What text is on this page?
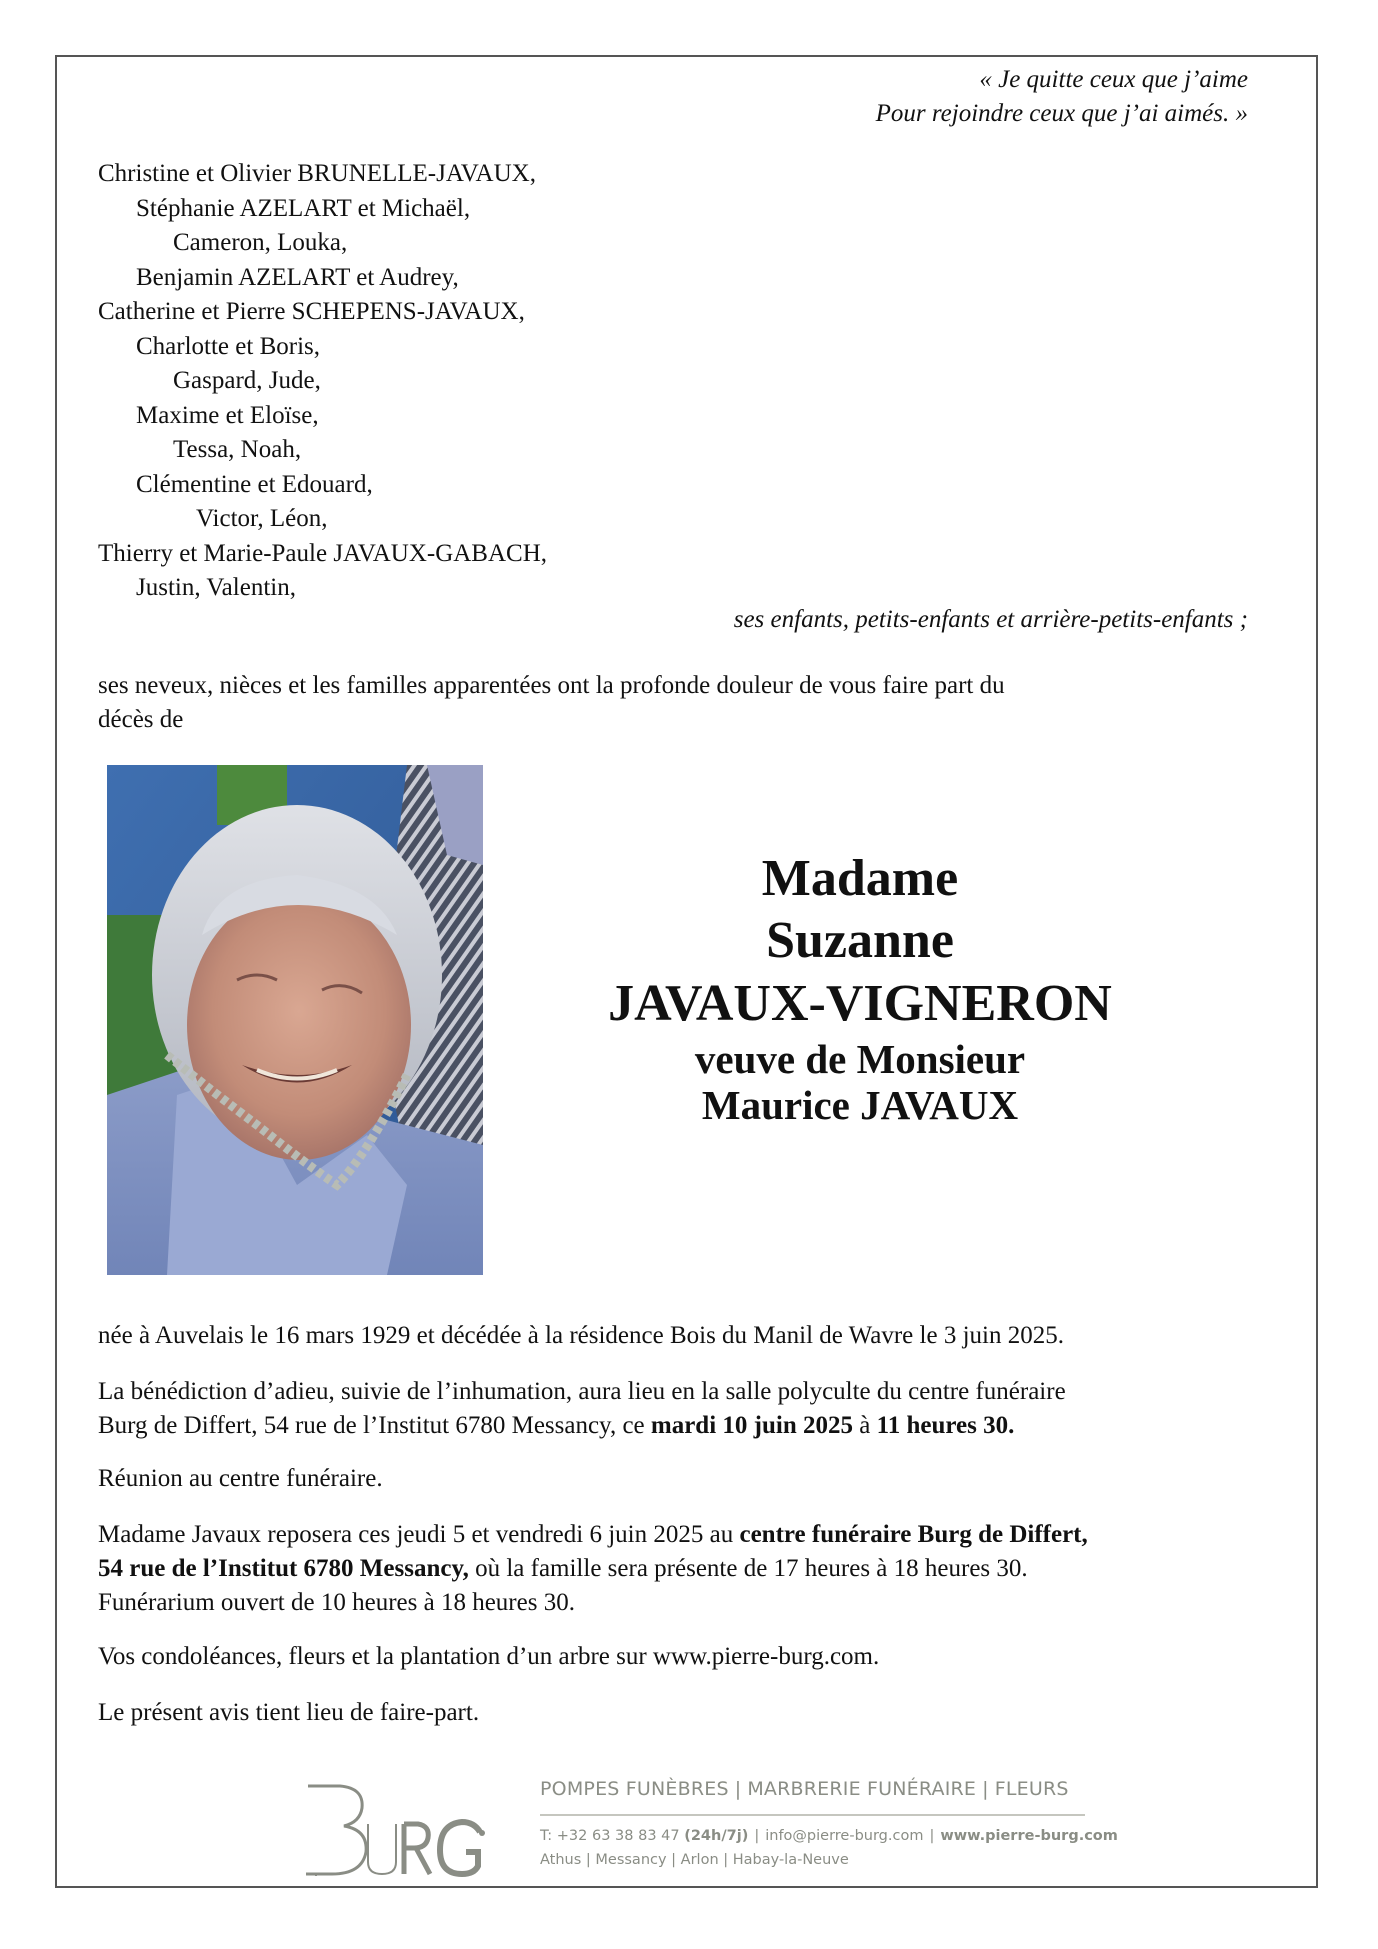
« Je quitte ceux que j’aime
Pour rejoindre ceux que j’ai aimés. »
Christine et Olivier BRUNELLE-JAVAUX,
Stéphanie AZELART et Michaël,
Cameron, Louka,
Benjamin AZELART et Audrey,
Catherine et Pierre SCHEPENS-JAVAUX,
Charlotte et Boris,
Gaspard, Jude,
Maxime et Eloïse,
Tessa, Noah,
Clémentine et Edouard,
Victor, Léon,
Thierry et Marie-Paule JAVAUX-GABACH,
Justin, Valentin,
ses enfants, petits-enfants et arrière-petits-enfants ;
ses neveux, nièces et les familles apparentées ont la profonde douleur de vous faire part du
décès de
Madame
Suzanne
JAVAUX-VIGNERON
veuve de Monsieur
Maurice JAVAUX
née à Auvelais le 16 mars 1929 et décédée à la résidence Bois du Manil de Wavre le 3 juin 2025.
La bénédiction d’adieu, suivie de l’inhumation, aura lieu en la salle polyculte du centre funéraire
Burg de Differt, 54 rue de l’Institut 6780 Messancy, ce mardi 10 juin 2025 à 11 heures 30.
Réunion au centre funéraire.
Madame Javaux reposera ces jeudi 5 et vendredi 6 juin 2025 au centre funéraire Burg de Differt,
54 rue de l’Institut 6780 Messancy, où la famille sera présente de 17 heures à 18 heures 30.
Funérarium ouvert de 10 heures à 18 heures 30.
Vos condoléances, fleurs et la plantation d’un arbre sur www.pierre-burg.com.
Le présent avis tient lieu de faire-part.
POMPES FUNÈBRES | MARBRERIE FUNÉRAIRE | FLEURS
T: +32 63 38 83 47 (24h/7j) | info@pierre-burg.com | www.pierre-burg.com
Athus | Messancy | Arlon | Habay-la-Neuve
